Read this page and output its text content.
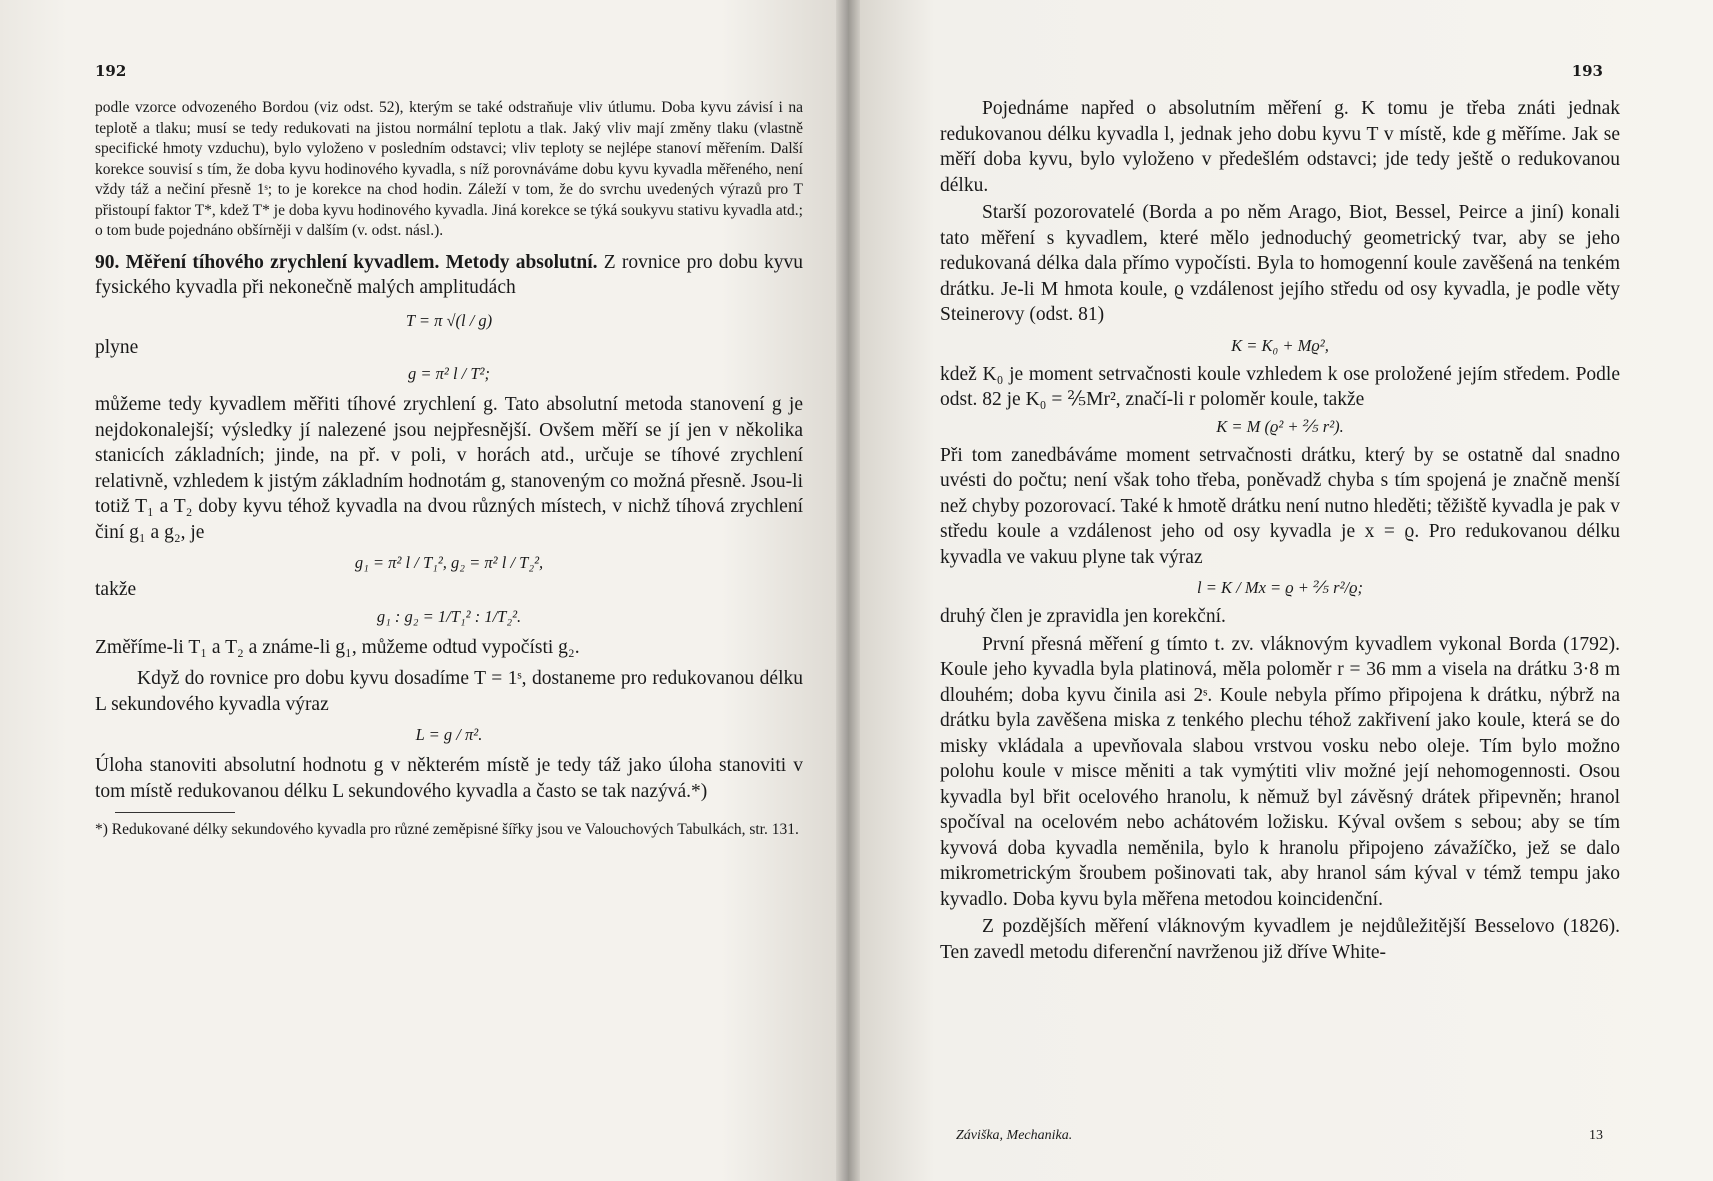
192

podle vzorce odvozeného Bordou (viz odst. 52), kterým se také odstraňuje vliv útlumu. Doba kyvu závisí i na teplotě a tlaku; musí se tedy redukovati na jistou normální teplotu a tlak. Jaký vliv mají změny tlaku (vlastně specifické hmoty vzduchu), bylo vyloženo v posledním odstavci; vliv teploty se nejlépe stanoví měřením. Další korekce souvisí s tím, že doba kyvu hodinového kyvadla, s níž porovnáváme dobu kyvu kyvadla měřeného, není vždy táž a nečiní přesně 1ˢ; to je korekce na chod hodin. Záleží v tom, že do svrchu uvedených výrazů pro T přistoupí faktor T*, kdež T* je doba kyvu hodinového kyvadla. Jiná korekce se týká soukyvu stativu kyvadla atd.; o tom bude pojednáno obšírněji v dalším (v. odst. násl.).

90. Měření tíhového zrychlení kyvadlem. Metody absolutní. Z rovnice pro dobu kyvu fysického kyvadla při nekonečně malých amplitudách

T = π √(l / g)
plyne
g = π² l / T²;

můžeme tedy kyvadlem měřiti tíhové zrychlení g. Tato absolutní metoda stanovení g je nejdokonalejší; výsledky jí nalezené jsou nejpřesnější. Ovšem měří se jí jen v několika stanicích základních; jinde, na př. v poli, v horách atd., určuje se tíhové zrychlení relativně, vzhledem k jistým základním hodnotám g, stanoveným co možná přesně. Jsou-li totiž T₁ a T₂ doby kyvu téhož kyvadla na dvou různých místech, v nichž tíhová zrychlení činí g₁ a g₂, je

g₁ = π² l / T₁², g₂ = π² l / T₂²,
takže
g₁ : g₂ = 1/T₁² : 1/T₂².

Změříme-li T₁ a T₂ a známe-li g₁, můžeme odtud vypočísti g₂.

Když do rovnice pro dobu kyvu dosadíme T = 1ˢ, dostaneme pro redukovanou délku L sekundového kyvadla výraz

L = g / π².

Úloha stanoviti absolutní hodnotu g v některém místě je tedy táž jako úloha stanoviti v tom místě redukovanou délku L sekundového kyvadla a často se tak nazývá.*)

*) Redukované délky sekundového kyvadla pro různé zeměpisné šířky jsou ve Valouchových Tabulkách, str. 131.

193

Pojednáme napřed o absolutním měření g. K tomu je třeba znáti jednak redukovanou délku kyvadla l, jednak jeho dobu kyvu T v místě, kde g měříme. Jak se měří doba kyvu, bylo vyloženo v předešlém odstavci; jde tedy ještě o redukovanou délku.

Starší pozorovatelé (Borda a po něm Arago, Biot, Bessel, Peirce a jiní) konali tato měření s kyvadlem, které mělo jednoduchý geometrický tvar, aby se jeho redukovaná délka dala přímo vypočísti. Byla to homogenní koule zavěšená na tenkém drátku. Je-li M hmota koule, ϱ vzdálenost jejího středu od osy kyvadla, je podle věty Steinerovy (odst. 81)

K = K₀ + Mϱ²,

kdež K₀ je moment setrvačnosti koule vzhledem k ose proložené jejím středem. Podle odst. 82 je K₀ = ⅖Mr², značí-li r poloměr koule, takže

K = M (ϱ² + ⅖ r²).

Při tom zanedbáváme moment setrvačnosti drátku, který by se ostatně dal snadno uvésti do počtu; není však toho třeba, poněvadž chyba s tím spojená je značně menší než chyby pozorovací. Také k hmotě drátku není nutno hleděti; těžiště kyvadla je pak v středu koule a vzdálenost jeho od osy kyvadla je x = ϱ. Pro redukovanou délku kyvadla ve vakuu plyne tak výraz

l = K / Mx = ϱ + ⅖ r²/ϱ;

druhý člen je zpravidla jen korekční.

První přesná měření g tímto t. zv. vláknovým kyvadlem vykonal Borda (1792). Koule jeho kyvadla byla platinová, měla poloměr r = 36 mm a visela na drátku 3·8 m dlouhém; doba kyvu činila asi 2ˢ. Koule nebyla přímo připojena k drátku, nýbrž na drátku byla zavěšena miska z tenkého plechu téhož zakřivení jako koule, která se do misky vkládala a upevňovala slabou vrstvou vosku nebo oleje. Tím bylo možno polohu koule v misce měniti a tak vymýtiti vliv možné její nehomogennosti. Osou kyvadla byl břit ocelového hranolu, k němuž byl závěsný drátek připevněn; hranol spočíval na ocelovém nebo achátovém ložisku. Kýval ovšem s sebou; aby se tím kyvová doba kyvadla neměnila, bylo k hranolu připojeno závažíčko, jež se dalo mikrometrickým šroubem pošinovati tak, aby hranol sám kýval v témž tempu jako kyvadlo. Doba kyvu byla měřena metodou koincidenční.

Z pozdějších měření vláknovým kyvadlem je nejdůležitější Besselovo (1826). Ten zavedl metodu diferenční navrženou již dříve White-

Záviška, Mechanika.	13
